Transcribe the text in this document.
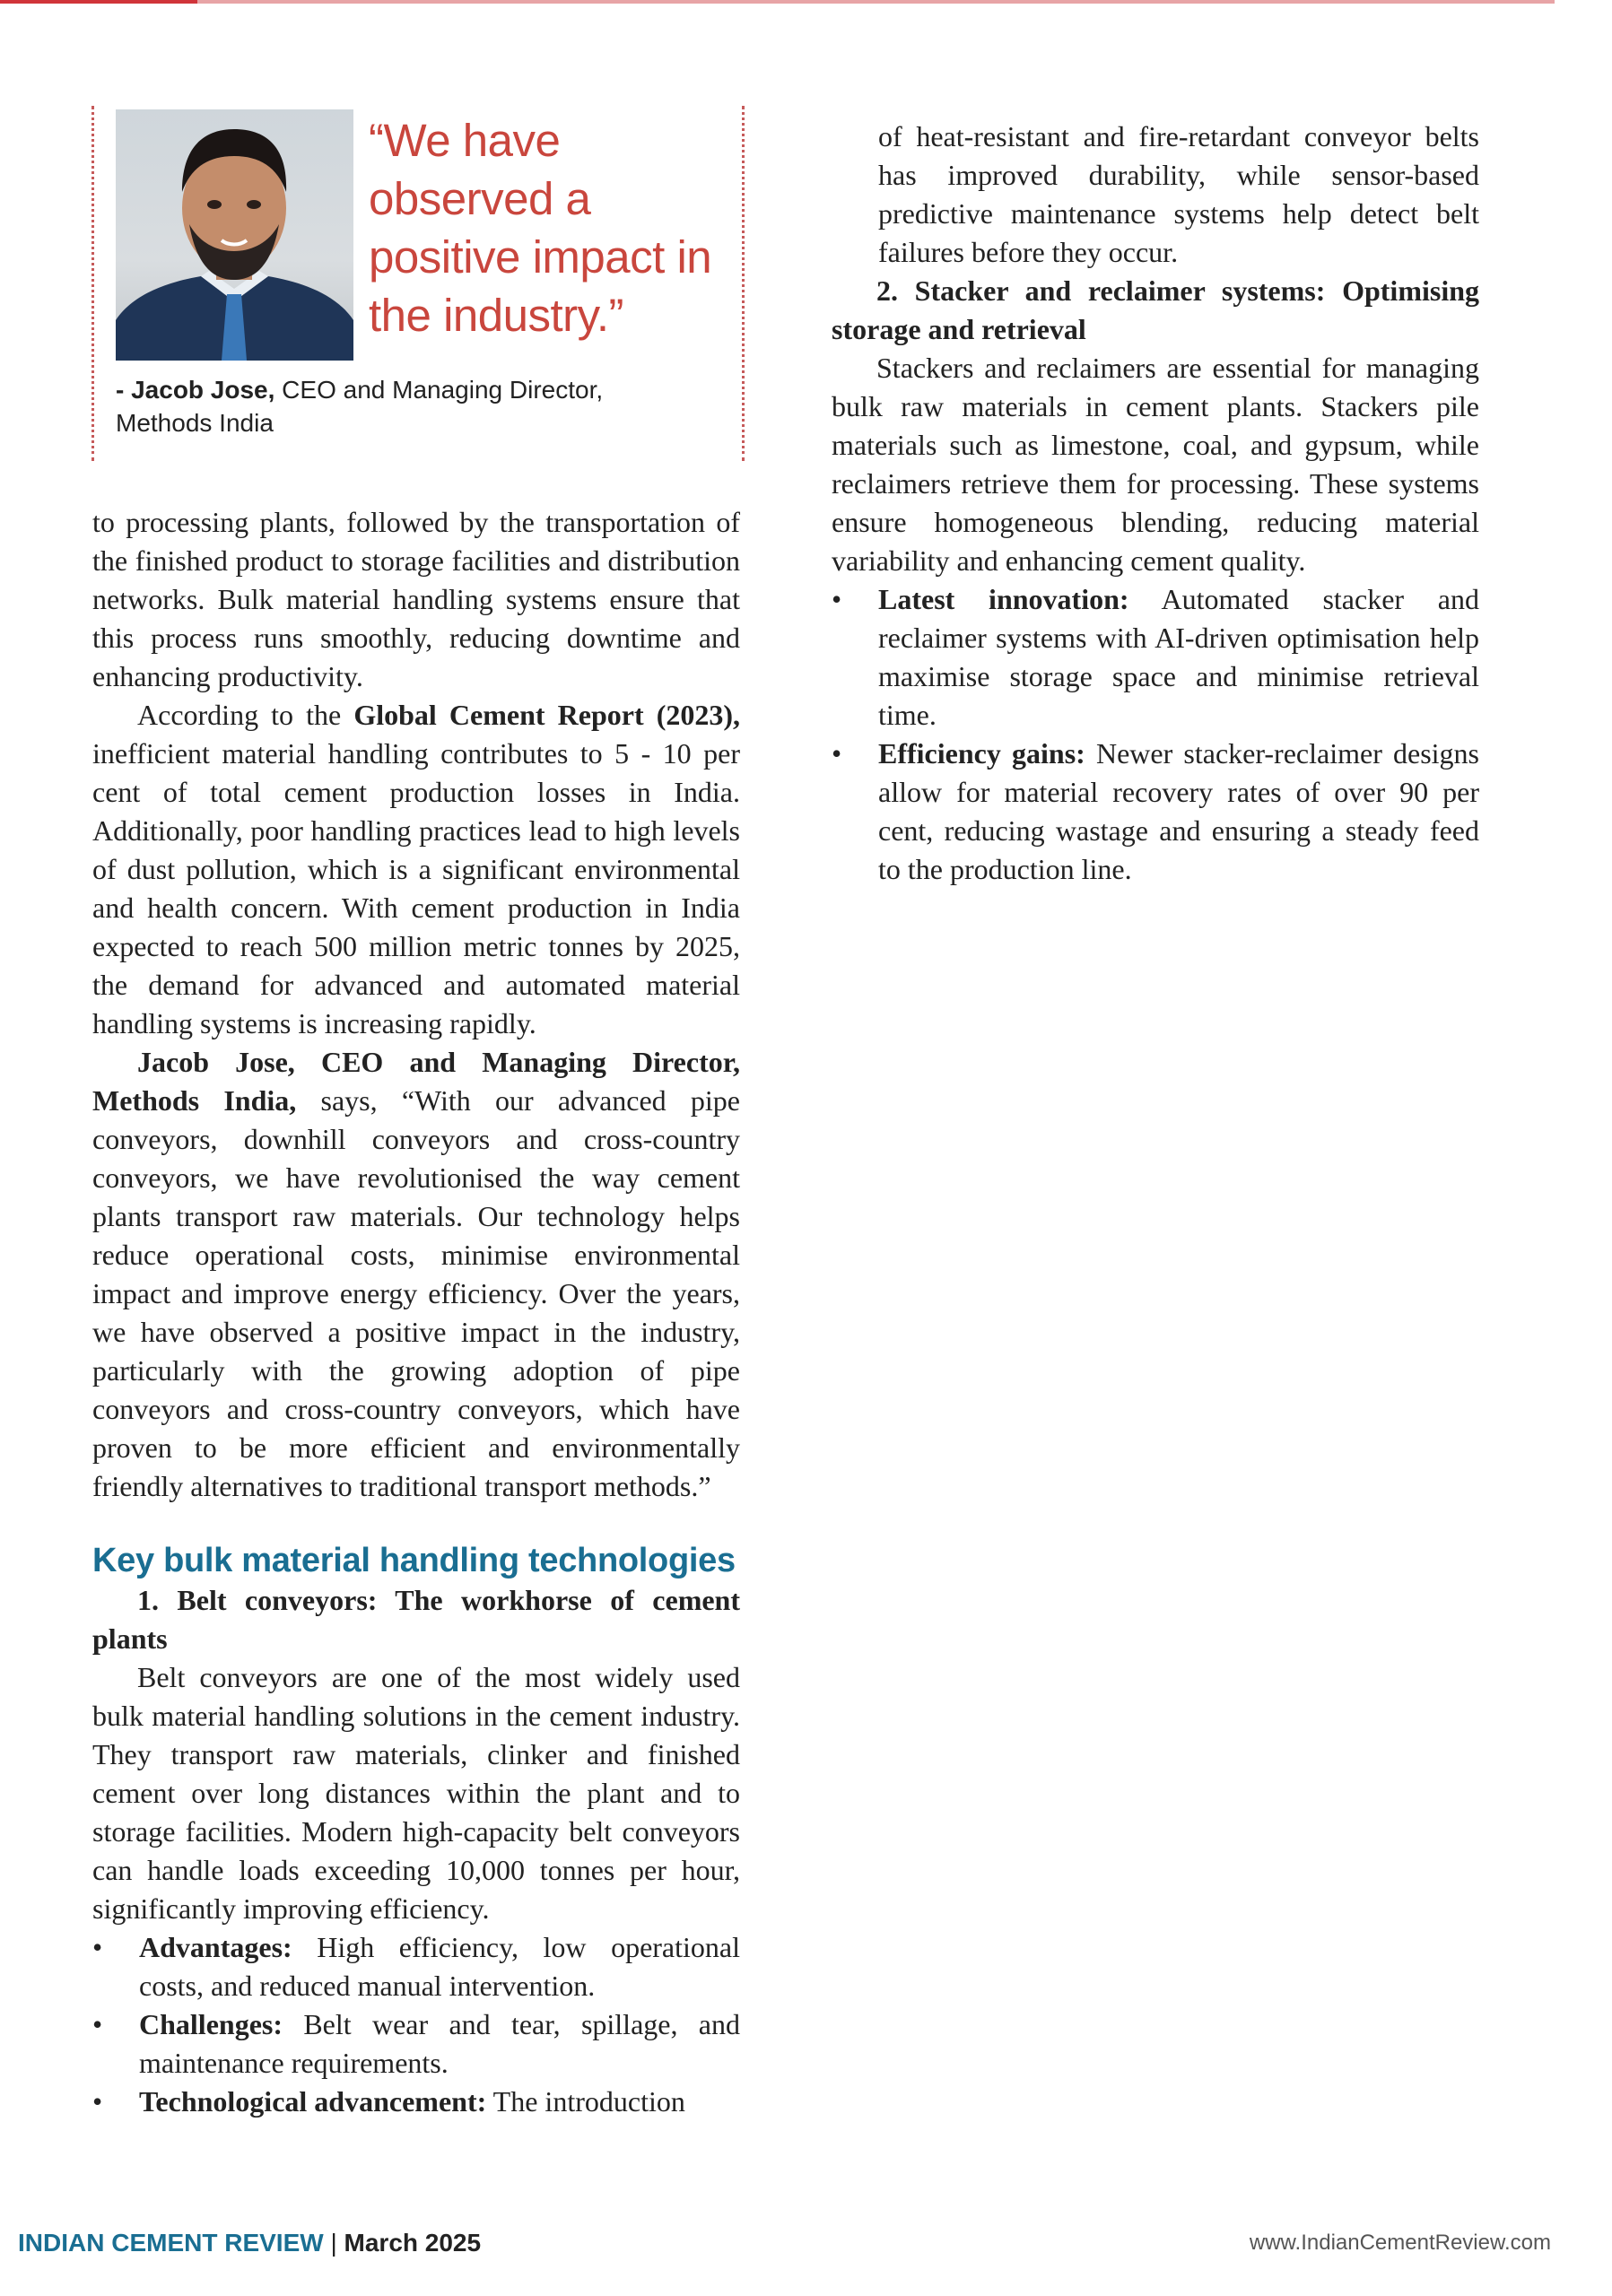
“We have observed a positive impact in the industry.”
- Jacob Jose, CEO and Managing Director, Methods India

to processing plants, followed by the transportation of the finished product to storage facilities and distribution networks. Bulk material handling systems ensure that this process runs smoothly, reducing downtime and enhancing productivity.

According to the Global Cement Report (2023), inefficient material handling contributes to 5 - 10 per cent of total cement production losses in India. Additionally, poor handling practices lead to high levels of dust pollution, which is a significant environmental and health concern. With cement production in India expected to reach 500 million metric tonnes by 2025, the demand for advanced and automated material handling systems is increasing rapidly.

Jacob Jose, CEO and Managing Director, Methods India, says, “With our advanced pipe conveyors, downhill conveyors and cross-country conveyors, we have revolutionised the way cement plants transport raw materials. Our technology helps reduce operational costs, minimise environmental impact and improve energy efficiency. Over the years, we have observed a positive impact in the industry, particularly with the growing adoption of pipe conveyors and cross-country conveyors, which have proven to be more efficient and environmentally friendly alternatives to traditional transport methods.”

Key bulk material handling technologies

1. Belt conveyors: The workhorse of cement plants

Belt conveyors are one of the most widely used bulk material handling solutions in the cement industry. They transport raw materials, clinker and finished cement over long distances within the plant and to storage facilities. Modern high-capacity belt conveyors can handle loads exceeding 10,000 tonnes per hour, significantly improving efficiency.

• Advantages: High efficiency, low operational costs, and reduced manual intervention.
• Challenges: Belt wear and tear, spillage, and maintenance requirements.
• Technological advancement: The introduction

of heat-resistant and fire-retardant conveyor belts has improved durability, while sensor-based predictive maintenance systems help detect belt failures before they occur.

2. Stacker and reclaimer systems: Optimising storage and retrieval

Stackers and reclaimers are essential for managing bulk raw materials in cement plants. Stackers pile materials such as limestone, coal, and gypsum, while reclaimers retrieve them for processing. These systems ensure homogeneous blending, reducing material variability and enhancing cement quality.

• Latest innovation: Automated stacker and reclaimer systems with AI-driven optimisation help maximise storage space and minimise retrieval time.
• Efficiency gains: Newer stacker-reclaimer designs allow for material recovery rates of over 90 per cent, reducing wastage and ensuring a steady feed to the production line.
INDIAN CEMENT REVIEW | March 2025	www.IndianCementReview.com
